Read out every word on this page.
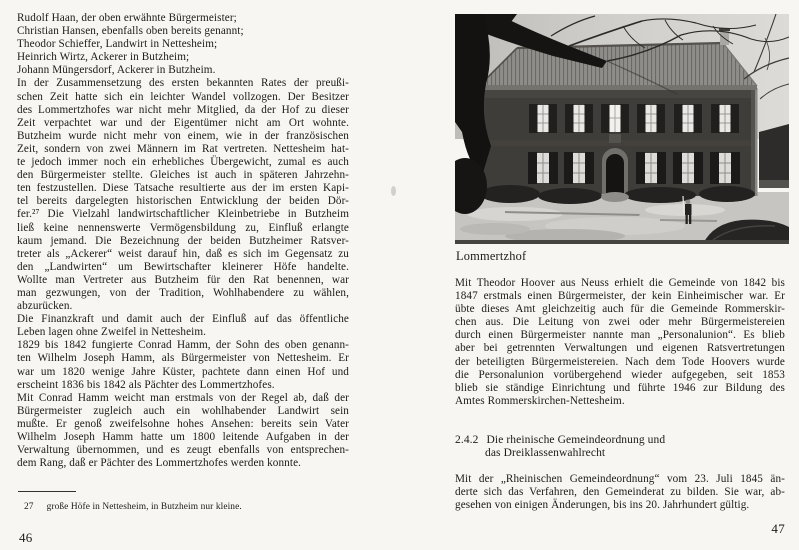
Rudolf Haan, der oben erwähnte Bürgermeister;
Christian Hansen, ebenfalls oben bereits genannt;
Theodor Schieffer, Landwirt in Nettesheim;
Heinrich Wirtz, Ackerer in Butzheim;
Johann Müngersdorf, Ackerer in Butzheim.
In der Zusammensetzung des ersten bekannten Rates der preußi-
schen Zeit hatte sich ein leichter Wandel vollzogen. Der Besitzer
des Lommertzhofes war nicht mehr Mitglied, da der Hof zu dieser
Zeit verpachtet war und der Eigentümer nicht am Ort wohnte.
Butzheim wurde nicht mehr von einem, wie in der französischen
Zeit, sondern von zwei Männern im Rat vertreten. Nettesheim hat-
te jedoch immer noch ein erhebliches Übergewicht, zumal es auch
den Bürgermeister stellte. Gleiches ist auch in späteren Jahrzehn-
ten festzustellen. Diese Tatsache resultierte aus der im ersten Kapi-
tel bereits dargelegten historischen Entwicklung der beiden Dör-
fer.²⁷ Die Vielzahl landwirtschaftlicher Kleinbetriebe in Butzheim
ließ keine nennenswerte Vermögensbildung zu, Einfluß erlangte
kaum jemand. Die Bezeichnung der beiden Butzheimer Ratsver-
treter als „Ackerer“ weist darauf hin, daß es sich im Gegensatz zu
den „Landwirten“ um Bewirtschafter kleinerer Höfe handelte.
Wollte man Vertreter aus Butzheim für den Rat benennen, war
man gezwungen, von der Tradition, Wohlhabendere zu wählen,
abzurücken.
Die Finanzkraft und damit auch der Einfluß auf das öffentliche
Leben lagen ohne Zweifel in Nettesheim.
1829 bis 1842 fungierte Conrad Hamm, der Sohn des oben genann-
ten Wilhelm Joseph Hamm, als Bürgermeister von Nettesheim. Er
war um 1820 wenige Jahre Küster, pachtete dann einen Hof und
erscheint 1836 bis 1842 als Pächter des Lommertzhofes.
Mit Conrad Hamm weicht man erstmals von der Regel ab, daß der
Bürgermeister zugleich auch ein wohlhabender Landwirt sein
mußte. Er genoß zweifelsohne hohes Ansehen: bereits sein Vater
Wilhelm Joseph Hamm hatte um 1800 leitende Aufgaben in der
Verwaltung übernommen, und es zeugt ebenfalls von entsprechen-
dem Rang, daß er Pächter des Lommertzhofes werden konnte.
27 große Höfe in Nettesheim, in Butzheim nur kleine.
46
Lommertzhof
Mit Theodor Hoover aus Neuss erhielt die Gemeinde von 1842 bis
1847 erstmals einen Bürgermeister, der kein Einheimischer war. Er
übte dieses Amt gleichzeitig auch für die Gemeinde Rommerskir-
chen aus. Die Leitung von zwei oder mehr Bürgermeistereien
durch einen Bürgermeister nannte man „Personalunion“. Es blieb
aber bei getrennten Verwaltungen und eigenen Ratsvertretungen
der beteiligten Bürgermeistereien. Nach dem Tode Hoovers wurde
die Personalunion vorübergehend wieder aufgegeben, seit 1853
blieb sie ständige Einrichtung und führte 1946 zur Bildung des
Amtes Rommerskirchen-Nettesheim.
2.4.2 Die rheinische Gemeindeordnung und
das Dreiklassenwahlrecht
Mit der „Rheinischen Gemeindeordnung“ vom 23. Juli 1845 än-
derte sich das Verfahren, den Gemeinderat zu bilden. Sie war, ab-
gesehen von einigen Änderungen, bis ins 20. Jahrhundert gültig.
47
